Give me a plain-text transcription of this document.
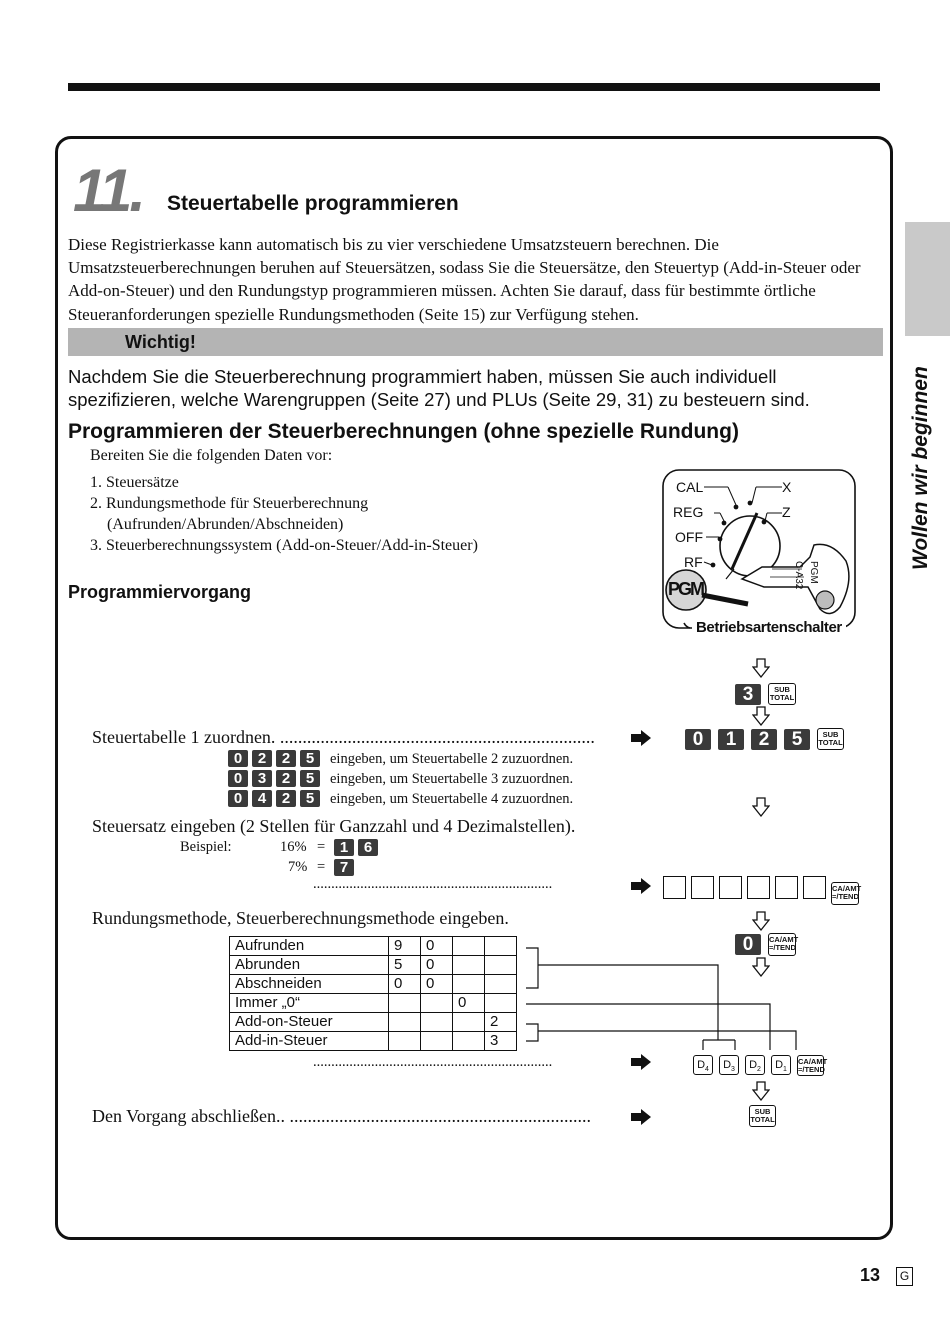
Wollen wir beginnen
11. Steuertabelle programmieren
Diese Registrierkasse kann automatisch bis zu vier verschiedene Umsatzsteuern berechnen. Die Umsatzsteuerberechnungen beruhen auf Steuersätzen, sodass Sie die Steuersätze, den Steuertyp (Add-in-Steuer oder Add-on-Steuer) und den Rundungstyp programmieren müssen. Achten Sie darauf, dass für bestimmte örtliche Steueranforderungen spezielle Rundungsmethoden (Seite 15) zur Verfügung stehen.
Wichtig!
Nachdem Sie die Steuerberechnung programmiert haben, müssen Sie auch individuell spezifizieren, welche Warengruppen (Seite 27) und PLUs (Seite 29, 31) zu besteuern sind.
Programmieren der Steuerberechnungen (ohne spezielle Rundung)
Bereiten Sie die folgenden Daten vor:
1. Steuersätze
2. Rundungsmethode für Steuerberechnung
(Aufrunden/Abrunden/Abschneiden)
3. Steuerberechnungssystem (Add-on-Steuer/Add-in-Steuer)
Programmiervorgang
CAL
REG
OFF
RF
X
Z
PGM	C-A32 PGM
Betriebsartenschalter
3	SUB
TOTAL
Steuertabelle 1 zuordnen. ......................................................................	0 1 2 5	SUB
TOTAL
0 2 2 5 eingeben, um Steuertabelle 2 zuzuordnen.
0 3 2 5 eingeben, um Steuertabelle 3 zuzuordnen.
0 4 2 5 eingeben, um Steuertabelle 4 zuzuordnen.
Steuersatz eingeben (2 Stellen für Ganzzahl und 4 Dezimalstellen).
Beispiel:	16% = 1 6
7% = 7
..................................................................	CA/AMT
=/TEND
Rundungsmethode, Steuerberechnungsmethode eingeben.
0 CA/AMT
=/TEND
Aufrunden	9	0		
Abrunden	5	0		
Abschneiden	0	0		
Immer „0“			0	
Add-on-Steuer				2
Add-in-Steuer				3
..................................................................	$D_4$ $D_3$ $D_2$ $D_1$
CA/AMT
=/TEND
Den Vorgang abschließen.. ...................................................................	SUB
TOTAL
13	G
